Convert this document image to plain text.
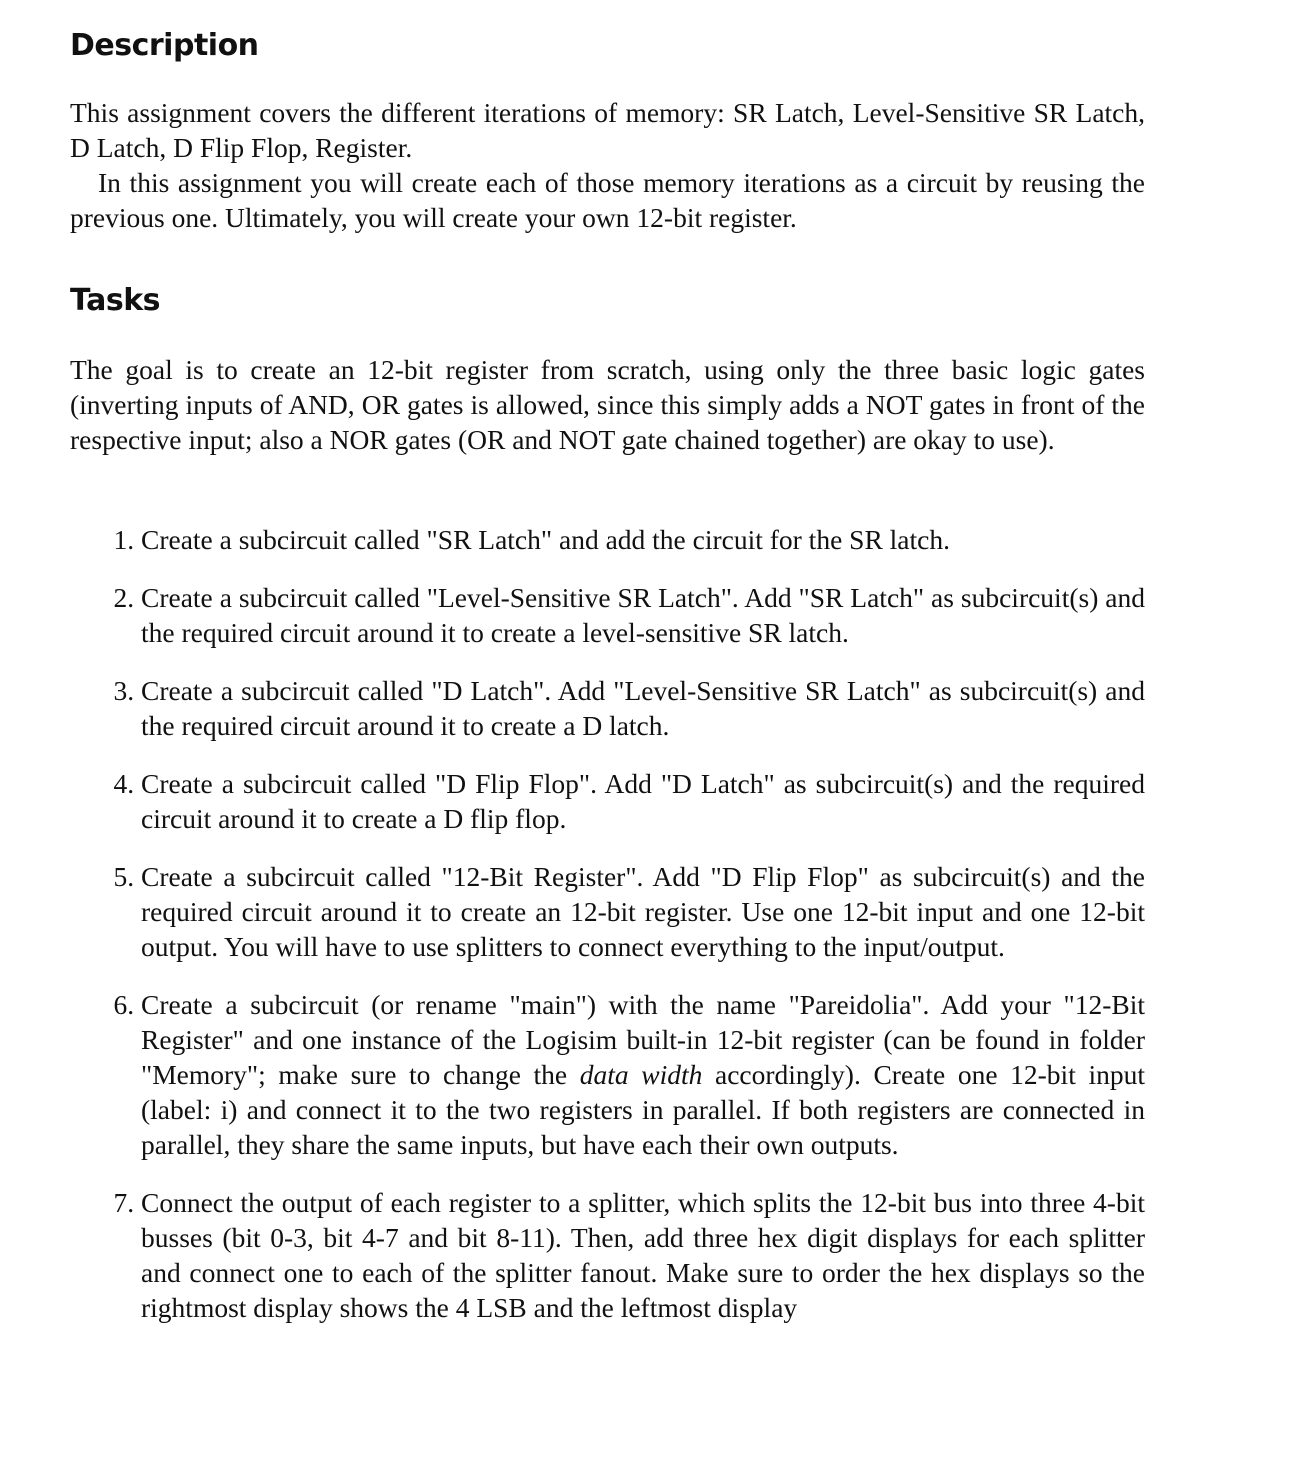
Description

This assignment covers the different iterations of memory: SR Latch, Level-Sensitive SR Latch, D Latch, D Flip Flop, Register.

In this assignment you will create each of those memory iterations as a circuit by reusing the previous one. Ultimately, you will create your own 12-bit register.

Tasks

The goal is to create an 12-bit register from scratch, using only the three basic logic gates (inverting inputs of AND, OR gates is allowed, since this simply adds a NOT gates in front of the respective input; also a NOR gates (OR and NOT gate chained together) are okay to use).

1. Create a subcircuit called "SR Latch" and add the circuit for the SR latch.
2. Create a subcircuit called "Level-Sensitive SR Latch". Add "SR Latch" as subcircuit(s) and the required circuit around it to create a level-sensitive SR latch.
3. Create a subcircuit called "D Latch". Add "Level-Sensitive SR Latch" as subcircuit(s) and the required circuit around it to create a D latch.
4. Create a subcircuit called "D Flip Flop". Add "D Latch" as subcircuit(s) and the required circuit around it to create a D flip flop.
5. Create a subcircuit called "12-Bit Register". Add "D Flip Flop" as subcircuit(s) and the required circuit around it to create an 12-bit register. Use one 12-bit input and one 12-bit output. You will have to use splitters to connect everything to the input/output.
6. Create a subcircuit (or rename "main") with the name "Pareidolia". Add your "12-Bit Register" and one instance of the Logisim built-in 12-bit register (can be found in folder "Memory"; make sure to change the data width accordingly). Create one 12-bit input (label: i) and connect it to the two registers in parallel. If both registers are connected in parallel, they share the same inputs, but have each their own outputs.
7. Connect the output of each register to a splitter, which splits the 12-bit bus into three 4-bit busses (bit 0-3, bit 4-7 and bit 8-11). Then, add three hex digit displays for each splitter and connect one to each of the splitter fanout. Make sure to order the hex displays so the rightmost display shows the 4 LSB and the leftmost display
